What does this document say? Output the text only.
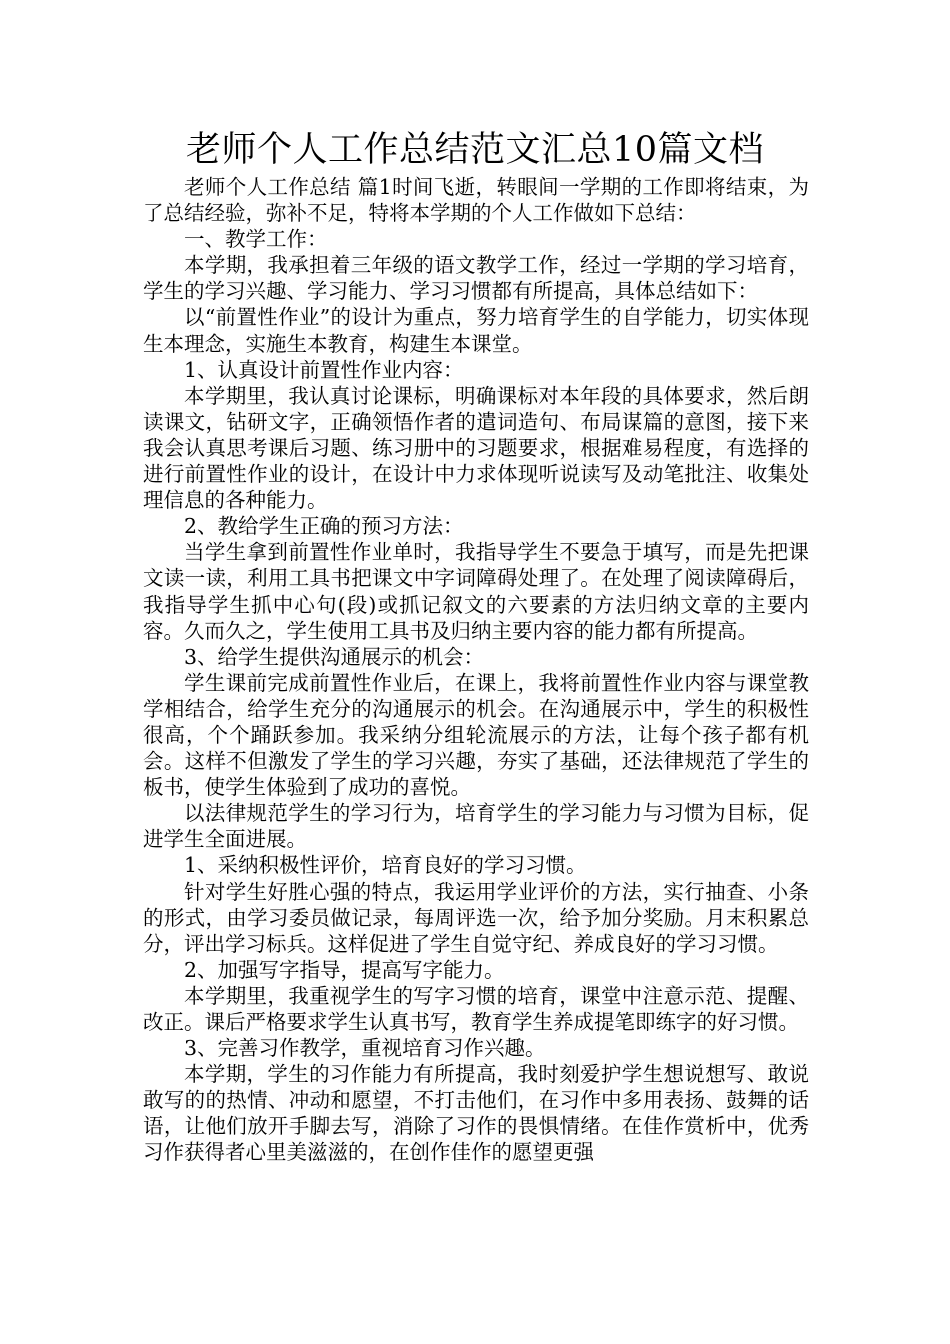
老师个人工作总结范文汇总10篇文档

老师个人工作总结 篇1时间飞逝，转眼间一学期的工作即将结束，为了总结经验，弥补不足，特将本学期的个人工作做如下总结：

一、教学工作：

本学期，我承担着三年级的语文教学工作，经过一学期的学习培育，学生的学习兴趣、学习能力、学习习惯都有所提高，具体总结如下：

以“前置性作业”的设计为重点，努力培育学生的自学能力，切实体现生本理念，实施生本教育，构建生本课堂。

1、认真设计前置性作业内容：

本学期里，我认真讨论课标，明确课标对本年段的具体要求，然后朗读课文，钻研文字，正确领悟作者的遣词造句、布局谋篇的意图，接下来我会认真思考课后习题、练习册中的习题要求，根据难易程度，有选择的进行前置性作业的设计，在设计中力求体现听说读写及动笔批注、收集处理信息的各种能力。

2、教给学生正确的预习方法：

当学生拿到前置性作业单时，我指导学生不要急于填写，而是先把课文读一读，利用工具书把课文中字词障碍处理了。在处理了阅读障碍后，我指导学生抓中心句(段)或抓记叙文的六要素的方法归纳文章的主要内容。久而久之，学生使用工具书及归纳主要内容的能力都有所提高。

3、给学生提供沟通展示的机会：

学生课前完成前置性作业后，在课上，我将前置性作业内容与课堂教学相结合，给学生充分的沟通展示的机会。在沟通展示中，学生的积极性很高，个个踊跃参加。我采纳分组轮流展示的方法，让每个孩子都有机会。这样不但激发了学生的学习兴趣，夯实了基础，还法律规范了学生的板书，使学生体验到了成功的喜悦。

以法律规范学生的学习行为，培育学生的学习能力与习惯为目标，促进学生全面进展。

1、采纳积极性评价，培育良好的学习习惯。

针对学生好胜心强的特点，我运用学业评价的方法，实行抽查、小条的形式，由学习委员做记录，每周评选一次，给予加分奖励。月末积累总分，评出学习标兵。这样促进了学生自觉守纪、养成良好的学习习惯。

2、加强写字指导，提高写字能力。

本学期里，我重视学生的写字习惯的培育，课堂中注意示范、提醒、改正。课后严格要求学生认真书写，教育学生养成提笔即练字的好习惯。

3、完善习作教学，重视培育习作兴趣。

本学期，学生的习作能力有所提高，我时刻爱护学生想说想写、敢说敢写的的热情、冲动和愿望，不打击他们，在习作中多用表扬、鼓舞的话语，让他们放开手脚去写，消除了习作的畏惧情绪。在佳作赏析中，优秀习作获得者心里美滋滋的，在创作佳作的愿望更强
